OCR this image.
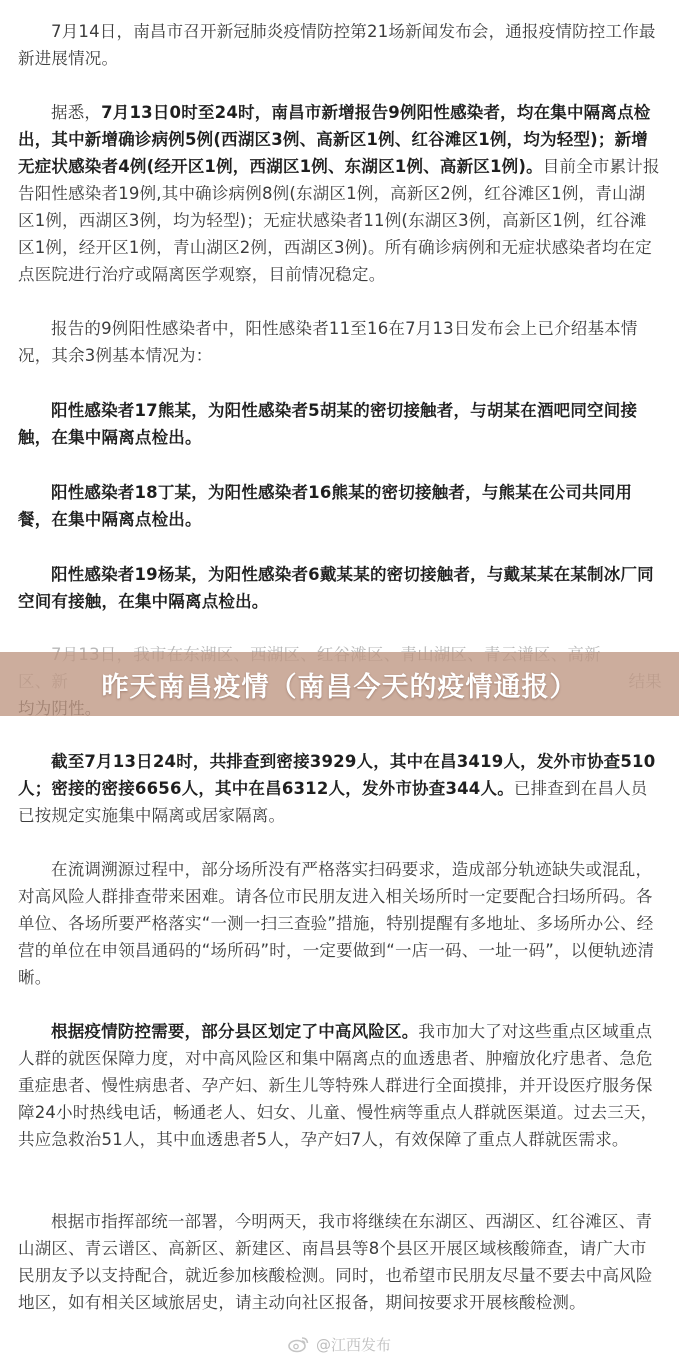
7月14日，南昌市召开新冠肺炎疫情防控第21场新闻发布会，通报疫情防控工作最新进展情况。

据悉，7月13日0时至24时，南昌市新增报告9例阳性感染者，均在集中隔离点检出，其中新增确诊病例5例(西湖区3例、高新区1例、红谷滩区1例，均为轻型)；新增无症状感染者4例(经开区1例，西湖区1例、东湖区1例、高新区1例)。目前全市累计报告阳性感染者19例,其中确诊病例8例(东湖区1例，高新区2例，红谷滩区1例，青山湖区1例，西湖区3例，均为轻型)；无症状感染者11例(东湖区3例，高新区1例，红谷滩区1例，经开区1例，青山湖区2例，西湖区3例)。所有确诊病例和无症状感染者均在定点医院进行治疗或隔离医学观察，目前情况稳定。

报告的9例阳性感染者中，阳性感染者11至16在7月13日发布会上已介绍基本情况，其余3例基本情况为：

阳性感染者17熊某，为阳性感染者5胡某的密切接触者，与胡某在酒吧同空间接触，在集中隔离点检出。

阳性感染者18丁某，为阳性感染者16熊某的密切接触者，与熊某在公司共同用餐，在集中隔离点检出。

阳性感染者19杨某，为阳性感染者6戴某某的密切接触者，与戴某某在某制冰厂同空间有接触，在集中隔离点检出。

截至7月13日24时，共排查到密接3929人，其中在昌3419人，发外市协查510人；密接的密接6656人，其中在昌6312人，发外市协查344人。已排查到在昌人员已按规定实施集中隔离或居家隔离。

在流调溯源过程中，部分场所没有严格落实扫码要求，造成部分轨迹缺失或混乱，对高风险人群排查带来困难。请各位市民朋友进入相关场所时一定要配合扫场所码。各单位、各场所要严格落实“一测一扫三查验”措施，特别提醒有多地址、多场所办公、经营的单位在申领昌通码的“场所码”时，一定要做到“一店一码、一址一码”，以便轨迹清晰。

根据疫情防控需要，部分县区划定了中高风险区。我市加大了对这些重点区域重点人群的就医保障力度，对中高风险区和集中隔离点的血透患者、肿瘤放化疗患者、急危重症患者、慢性病患者、孕产妇、新生儿等特殊人群进行全面摸排，并开设医疗服务保障24小时热线电话，畅通老人、妇女、儿童、慢性病等重点人群就医渠道。过去三天，共应急救治51人，其中血透患者5人，孕产妇7人，有效保障了重点人群就医需求。

根据市指挥部统一部署，今明两天，我市将继续在东湖区、西湖区、红谷滩区、青山湖区、青云谱区、高新区、新建区、南昌县等8个县区开展区域核酸筛查，请广大市民朋友予以支持配合，就近参加核酸检测。同时，也希望市民朋友尽量不要去中高风险地区，如有相关区域旅居史，请主动向社区报备，期间按要求开展核酸检测。

昨天南昌疫情（南昌今天的疫情通报）
@江西发布
